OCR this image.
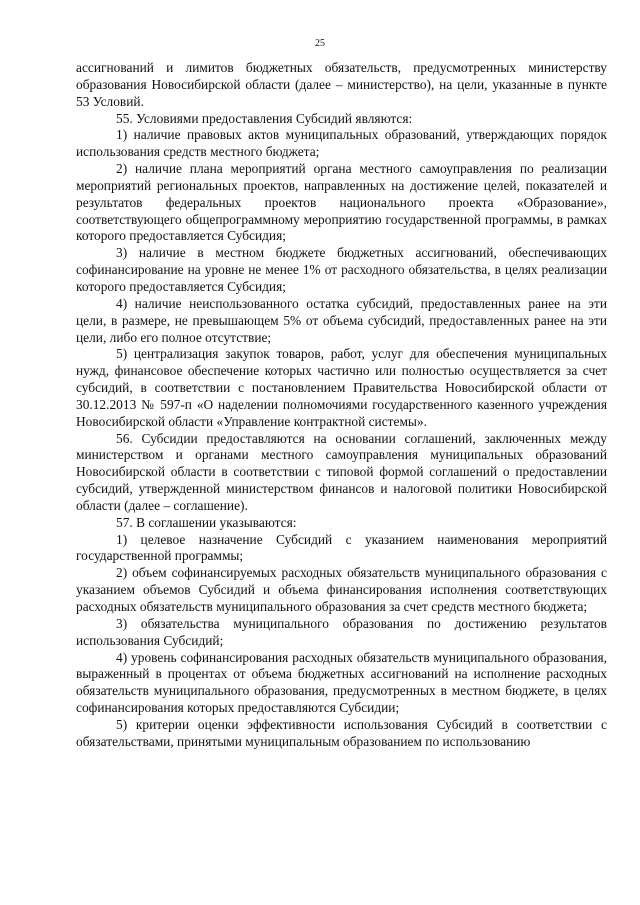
25

ассигнований и лимитов бюджетных обязательств, предусмотренных министерству образования Новосибирской области (далее – министерство), на цели, указанные в пункте 53 Условий.

55. Условиями предоставления Субсидий являются:

1) наличие правовых актов муниципальных образований, утверждающих порядок использования средств местного бюджета;

2) наличие плана мероприятий органа местного самоуправления по реализации мероприятий региональных проектов, направленных на достижение целей, показателей и результатов федеральных проектов национального проекта «Образование», соответствующего общепрограммному мероприятию государственной программы, в рамках которого предоставляется Субсидия;

3) наличие в местном бюджете бюджетных ассигнований, обеспечивающих софинансирование на уровне не менее 1% от расходного обязательства, в целях реализации которого предоставляется Субсидия;

4) наличие неиспользованного остатка субсидий, предоставленных ранее на эти цели, в размере, не превышающем 5% от объема субсидий, предоставленных ранее на эти цели, либо его полное отсутствие;

5) централизация закупок товаров, работ, услуг для обеспечения муниципальных нужд, финансовое обеспечение которых частично или полностью осуществляется за счет субсидий, в соответствии с постановлением Правительства Новосибирской области от 30.12.2013 № 597-п «О наделении полномочиями государственного казенного учреждения Новосибирской области «Управление контрактной системы».

56. Субсидии предоставляются на основании соглашений, заключенных между министерством и органами местного самоуправления муниципальных образований Новосибирской области в соответствии с типовой формой соглашений о предоставлении субсидий, утвержденной министерством финансов и налоговой политики Новосибирской области (далее – соглашение).

57. В соглашении указываются:

1) целевое назначение Субсидий с указанием наименования мероприятий государственной программы;

2) объем софинансируемых расходных обязательств муниципального образования с указанием объемов Субсидий и объема финансирования исполнения соответствующих расходных обязательств муниципального образования за счет средств местного бюджета;

3) обязательства муниципального образования по достижению результатов использования Субсидий;

4) уровень софинансирования расходных обязательств муниципального образования, выраженный в процентах от объема бюджетных ассигнований на исполнение расходных обязательств муниципального образования, предусмотренных в местном бюджете, в целях софинансирования которых предоставляются Субсидии;

5) критерии оценки эффективности использования Субсидий в соответствии с обязательствами, принятыми муниципальным образованием по использованию
